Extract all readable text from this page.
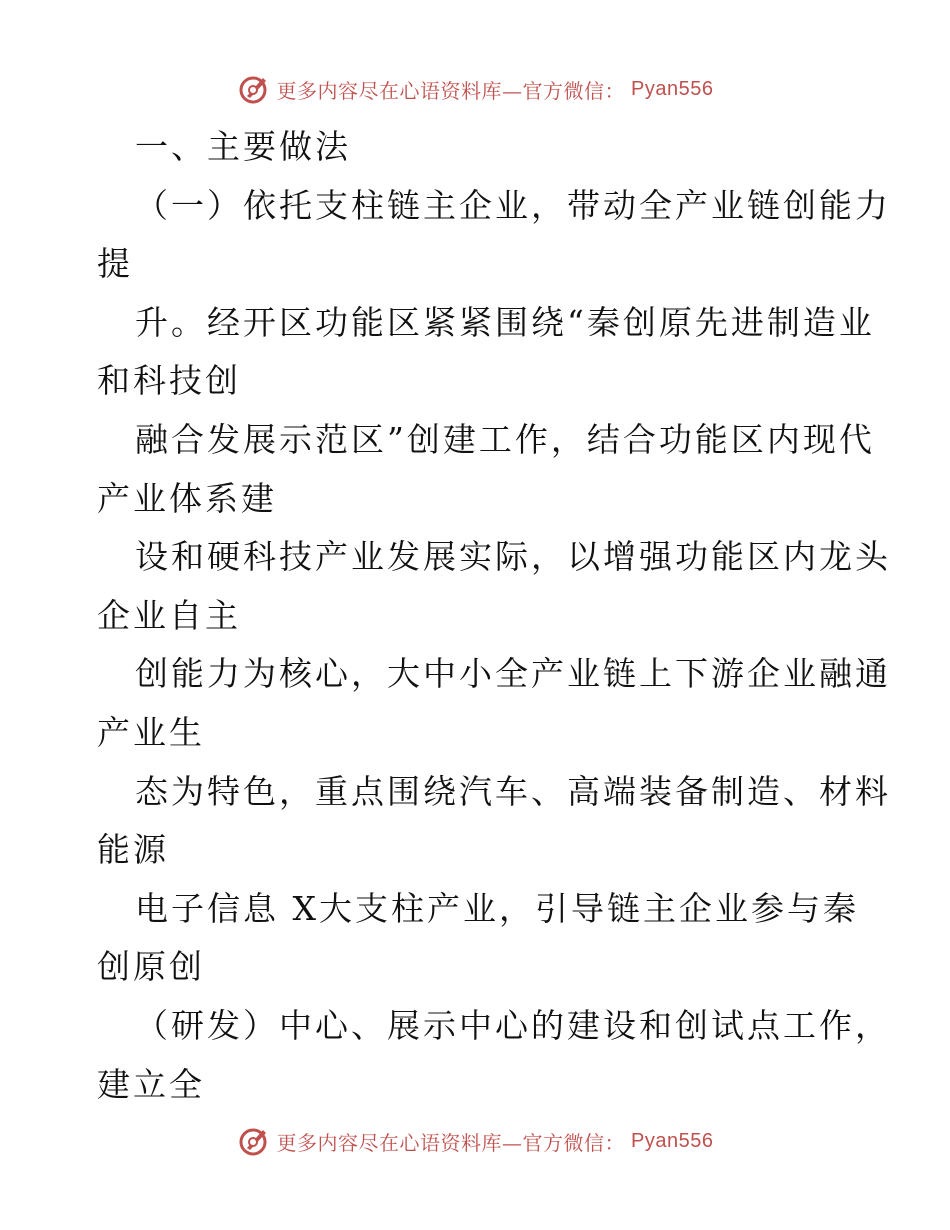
更多内容尽在心语资料库—官方微信： Pyan556
一、主要做法
（一）依托支柱链主企业，带动全产业链创能力
提
升。经开区功能区紧紧围绕“秦创原先进制造业
和科技创
融合发展示范区”创建工作，结合功能区内现代
产业体系建
设和硬科技产业发展实际，以增强功能区内龙头
企业自主
创能力为核心，大中小全产业链上下游企业融通
产业生
态为特色，重点围绕汽车、高端装备制造、材料
能源
电子信息 X大支柱产业，引导链主企业参与秦
创原创
（研发）中心、展示中心的建设和创试点工作，
建立全
更多内容尽在心语资料库—官方微信： Pyan556
